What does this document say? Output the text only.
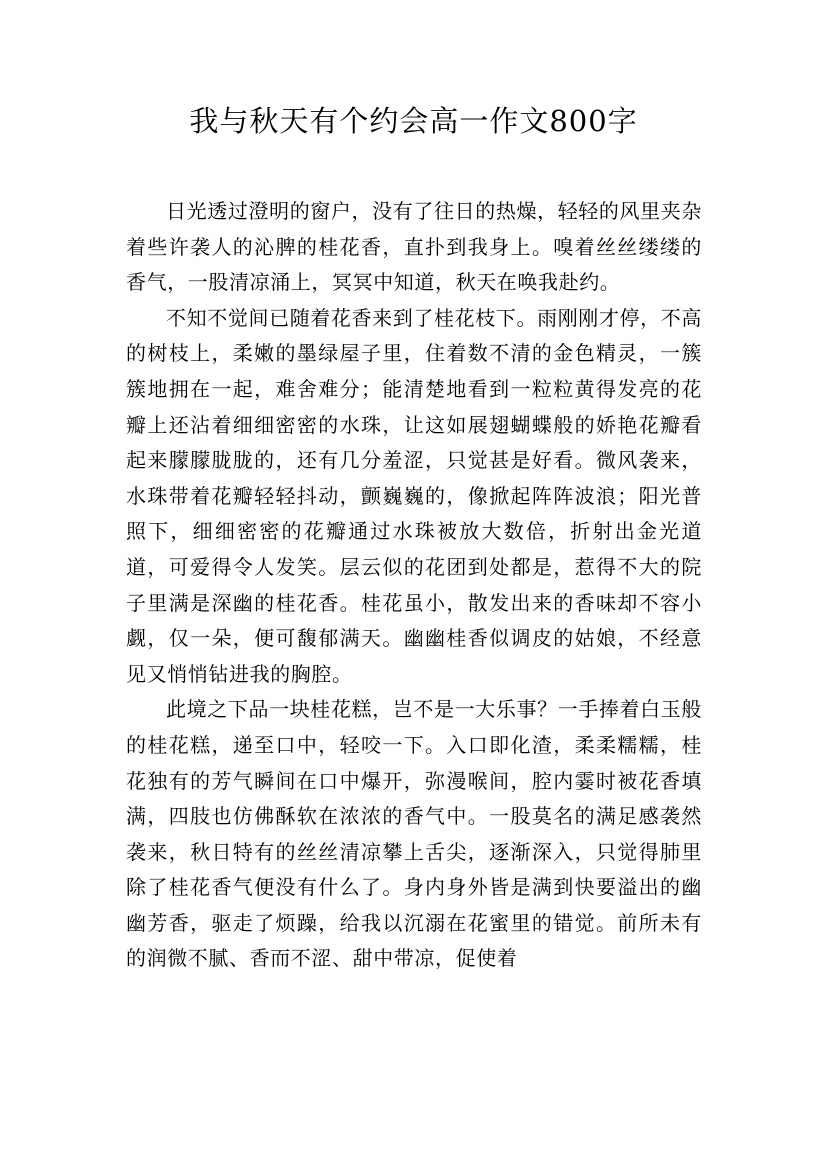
我与秋天有个约会高一作文800字

日光透过澄明的窗户，没有了往日的热燥，轻轻的风里夹杂着些许袭人的沁脾的桂花香，直扑到我身上。嗅着丝丝缕缕的香气，一股清凉涌上，冥冥中知道，秋天在唤我赴约。

不知不觉间已随着花香来到了桂花枝下。雨刚刚才停，不高的树枝上，柔嫩的墨绿屋子里，住着数不清的金色精灵，一簇簇地拥在一起，难舍难分；能清楚地看到一粒粒黄得发亮的花瓣上还沾着细细密密的水珠，让这如展翅蝴蝶般的娇艳花瓣看起来朦朦胧胧的，还有几分羞涩，只觉甚是好看。微风袭来，水珠带着花瓣轻轻抖动，颤巍巍的，像掀起阵阵波浪；阳光普照下，细细密密的花瓣通过水珠被放大数倍，折射出金光道道，可爱得令人发笑。层云似的花团到处都是，惹得不大的院子里满是深幽的桂花香。桂花虽小，散发出来的香味却不容小觑，仅一朵，便可馥郁满天。幽幽桂香似调皮的姑娘，不经意见又悄悄钻进我的胸腔。

此境之下品一块桂花糕，岂不是一大乐事？一手捧着白玉般的桂花糕，递至口中，轻咬一下。入口即化渣，柔柔糯糯，桂花独有的芳气瞬间在口中爆开，弥漫喉间，腔内霎时被花香填满，四肢也仿佛酥软在浓浓的香气中。一股莫名的满足感袭然袭来，秋日特有的丝丝清凉攀上舌尖，逐渐深入，只觉得肺里除了桂花香气便没有什么了。身内身外皆是满到快要溢出的幽幽芳香，驱走了烦躁，给我以沉溺在花蜜里的错觉。前所未有的润微不腻、香而不涩、甜中带凉，促使着
